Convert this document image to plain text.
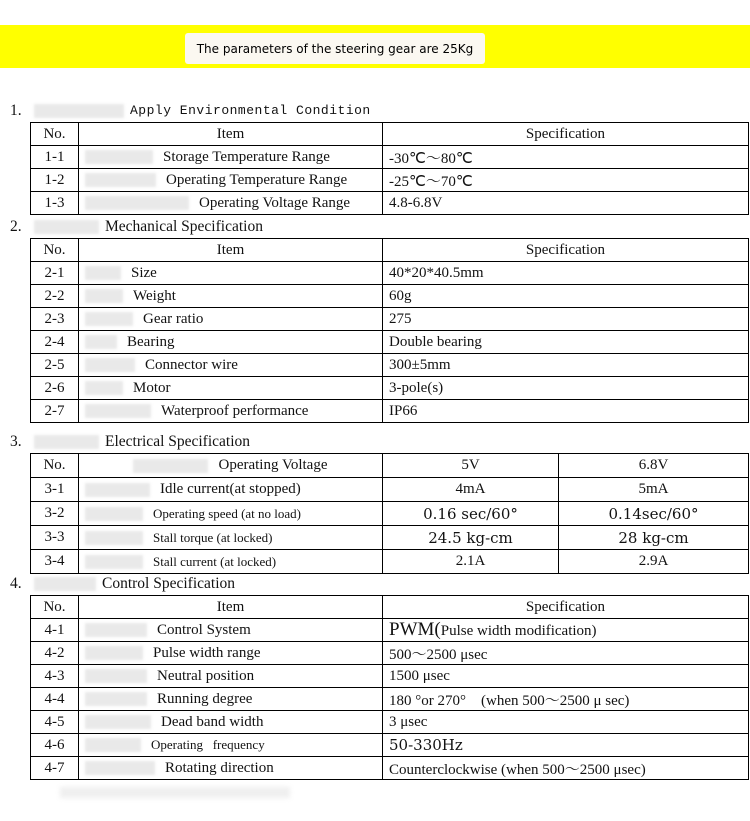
The parameters of the steering gear are 25Kg
1.	Apply Environmental Condition
No.	Item	Specification
1-1	Storage Temperature Range	-30℃～80℃
1-2	Operating Temperature Range	-25℃～70℃
1-3	Operating Voltage Range	4.8-6.8V
2.	Mechanical Specification
No.	Item	Specification
2-1	Size	40*20*40.5mm
2-2	Weight	60g
2-3	Gear ratio	275
2-4	Bearing	Double bearing
2-5	Connector wire	300±5mm
2-6	Motor	3-pole(s)
2-7	Waterproof performance	IP66
3.	Electrical Specification
No.	Operating Voltage	5V	6.8V
3-1	Idle current(at stopped)	4mA	5mA
3-2	Operating speed (at no load)	0.16 sec/60°	0.14sec/60°
3-3	Stall torque (at locked)	24.5 kg-cm	28 kg-cm
3-4	Stall current (at locked)	2.1A	2.9A
4.	Control Specification
No.	Item	Specification
4-1	Control System	PWM(Pulse width modification)
4-2	Pulse width range	500～2500 μsec
4-3	Neutral position	1500 μsec
4-4	Running degree	180 °or 270°　(when 500～2500 μ sec)
4-5	Dead band width	3 μsec
4-6	Operating  frequency	50-330Hz
4-7	Rotating direction	Counterclockwise (when 500～2500 μsec)
